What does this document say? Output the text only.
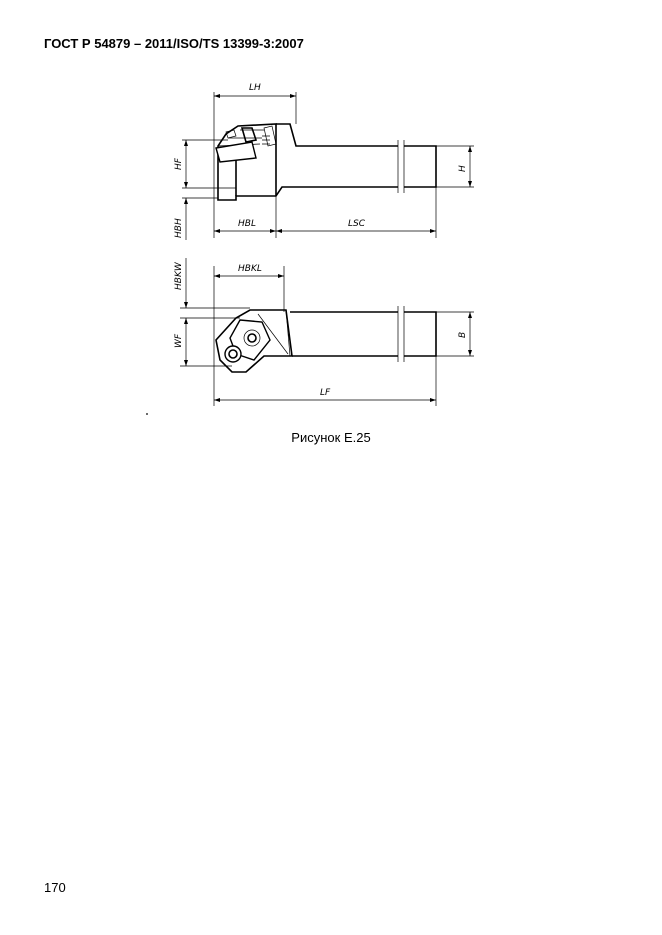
ГОСТ Р 54879 – 2011/ISO/TS 13399-3:2007
LH
HF	H
HBH	HBL	LSC
HBKW	HBKL
WF	B
LF
Рисунок Е.25
170
